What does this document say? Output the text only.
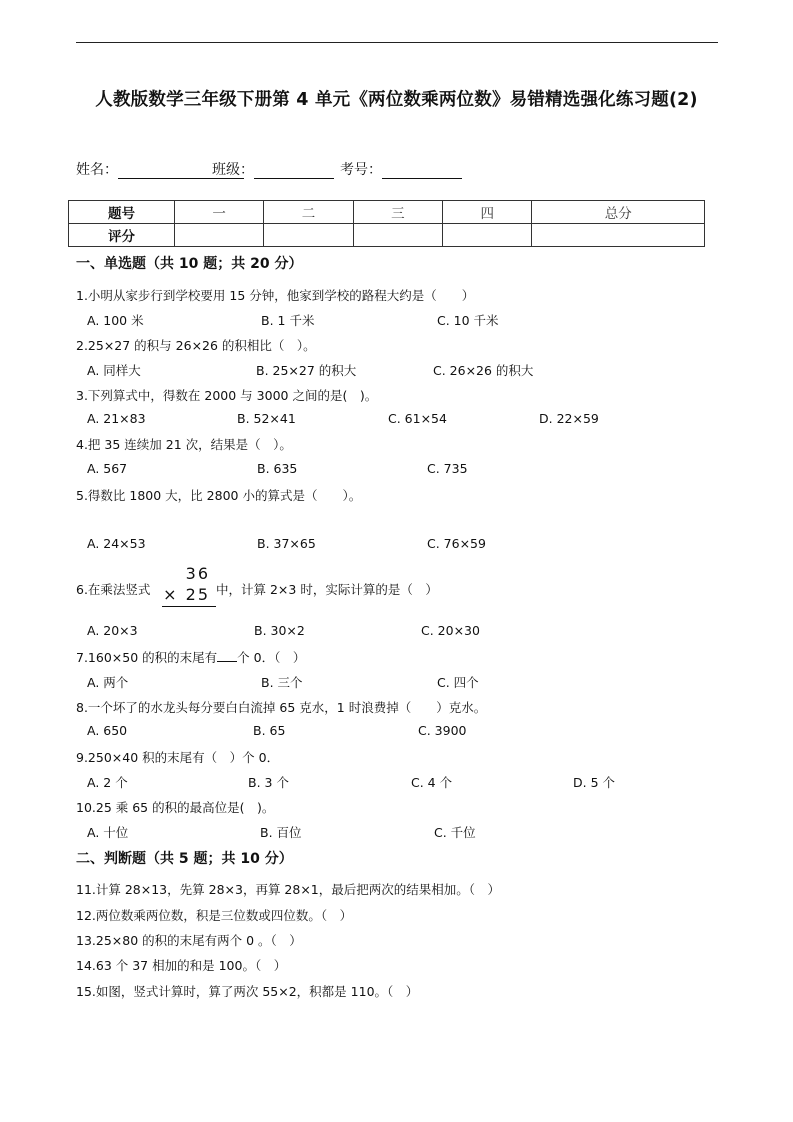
人教版数学三年级下册第 4 单元《两位数乘两位数》易错精选强化练习题(2)
姓名：	班级：	考号：
题号	一	二	三	四	总分
评分					
一、单选题（共 10 题；共 20 分）
1.小明从家步行到学校要用 15 分钟，他家到学校的路程大约是（　　）
A. 100 米	B. 1 千米	C. 10 千米
2.25×27 的积与 26×26 的积相比（　）。
A. 同样大	B. 25×27 的积大	C. 26×26 的积大
3.下列算式中，得数在 2000 与 3000 之间的是(　)。
A. 21×83	B. 52×41	C. 61×54	D. 22×59
4.把 35 连续加 21 次，结果是（　）。
A. 567	B. 635	C. 735
5.得数比 1800 大，比 2800 小的算式是（　　）。
A. 24×53	B. 37×65	C. 76×59
6.在乘法竖式
36
× 25 中，计算 2×3 时，实际计算的是（　）
A. 20×3	B. 30×2	C. 20×30
7.160×50 的积的末尾有 个 0．（　）
A. 两个	B. 三个	C. 四个
8.一个坏了的水龙头每分要白白流掉 65 克水，1 时浪费掉（　　）克水。
A. 650	B. 65	C. 3900
9.250×40 积的末尾有（　）个 0．
A. 2 个	B. 3 个	C. 4 个	D. 5 个
10.25 乘 65 的积的最高位是(　)。
A. 十位	B. 百位	C. 千位
二、判断题（共 5 题；共 10 分）
11.计算 28×13，先算 28×3，再算 28×1，最后把两次的结果相加。（　）
12.两位数乘两位数，积是三位数或四位数。（　）
13.25×80 的积的末尾有两个 0 。（　）
14.63 个 37 相加的和是 100。（　）
15.如图，竖式计算时，算了两次 55×2，积都是 110。（　）
